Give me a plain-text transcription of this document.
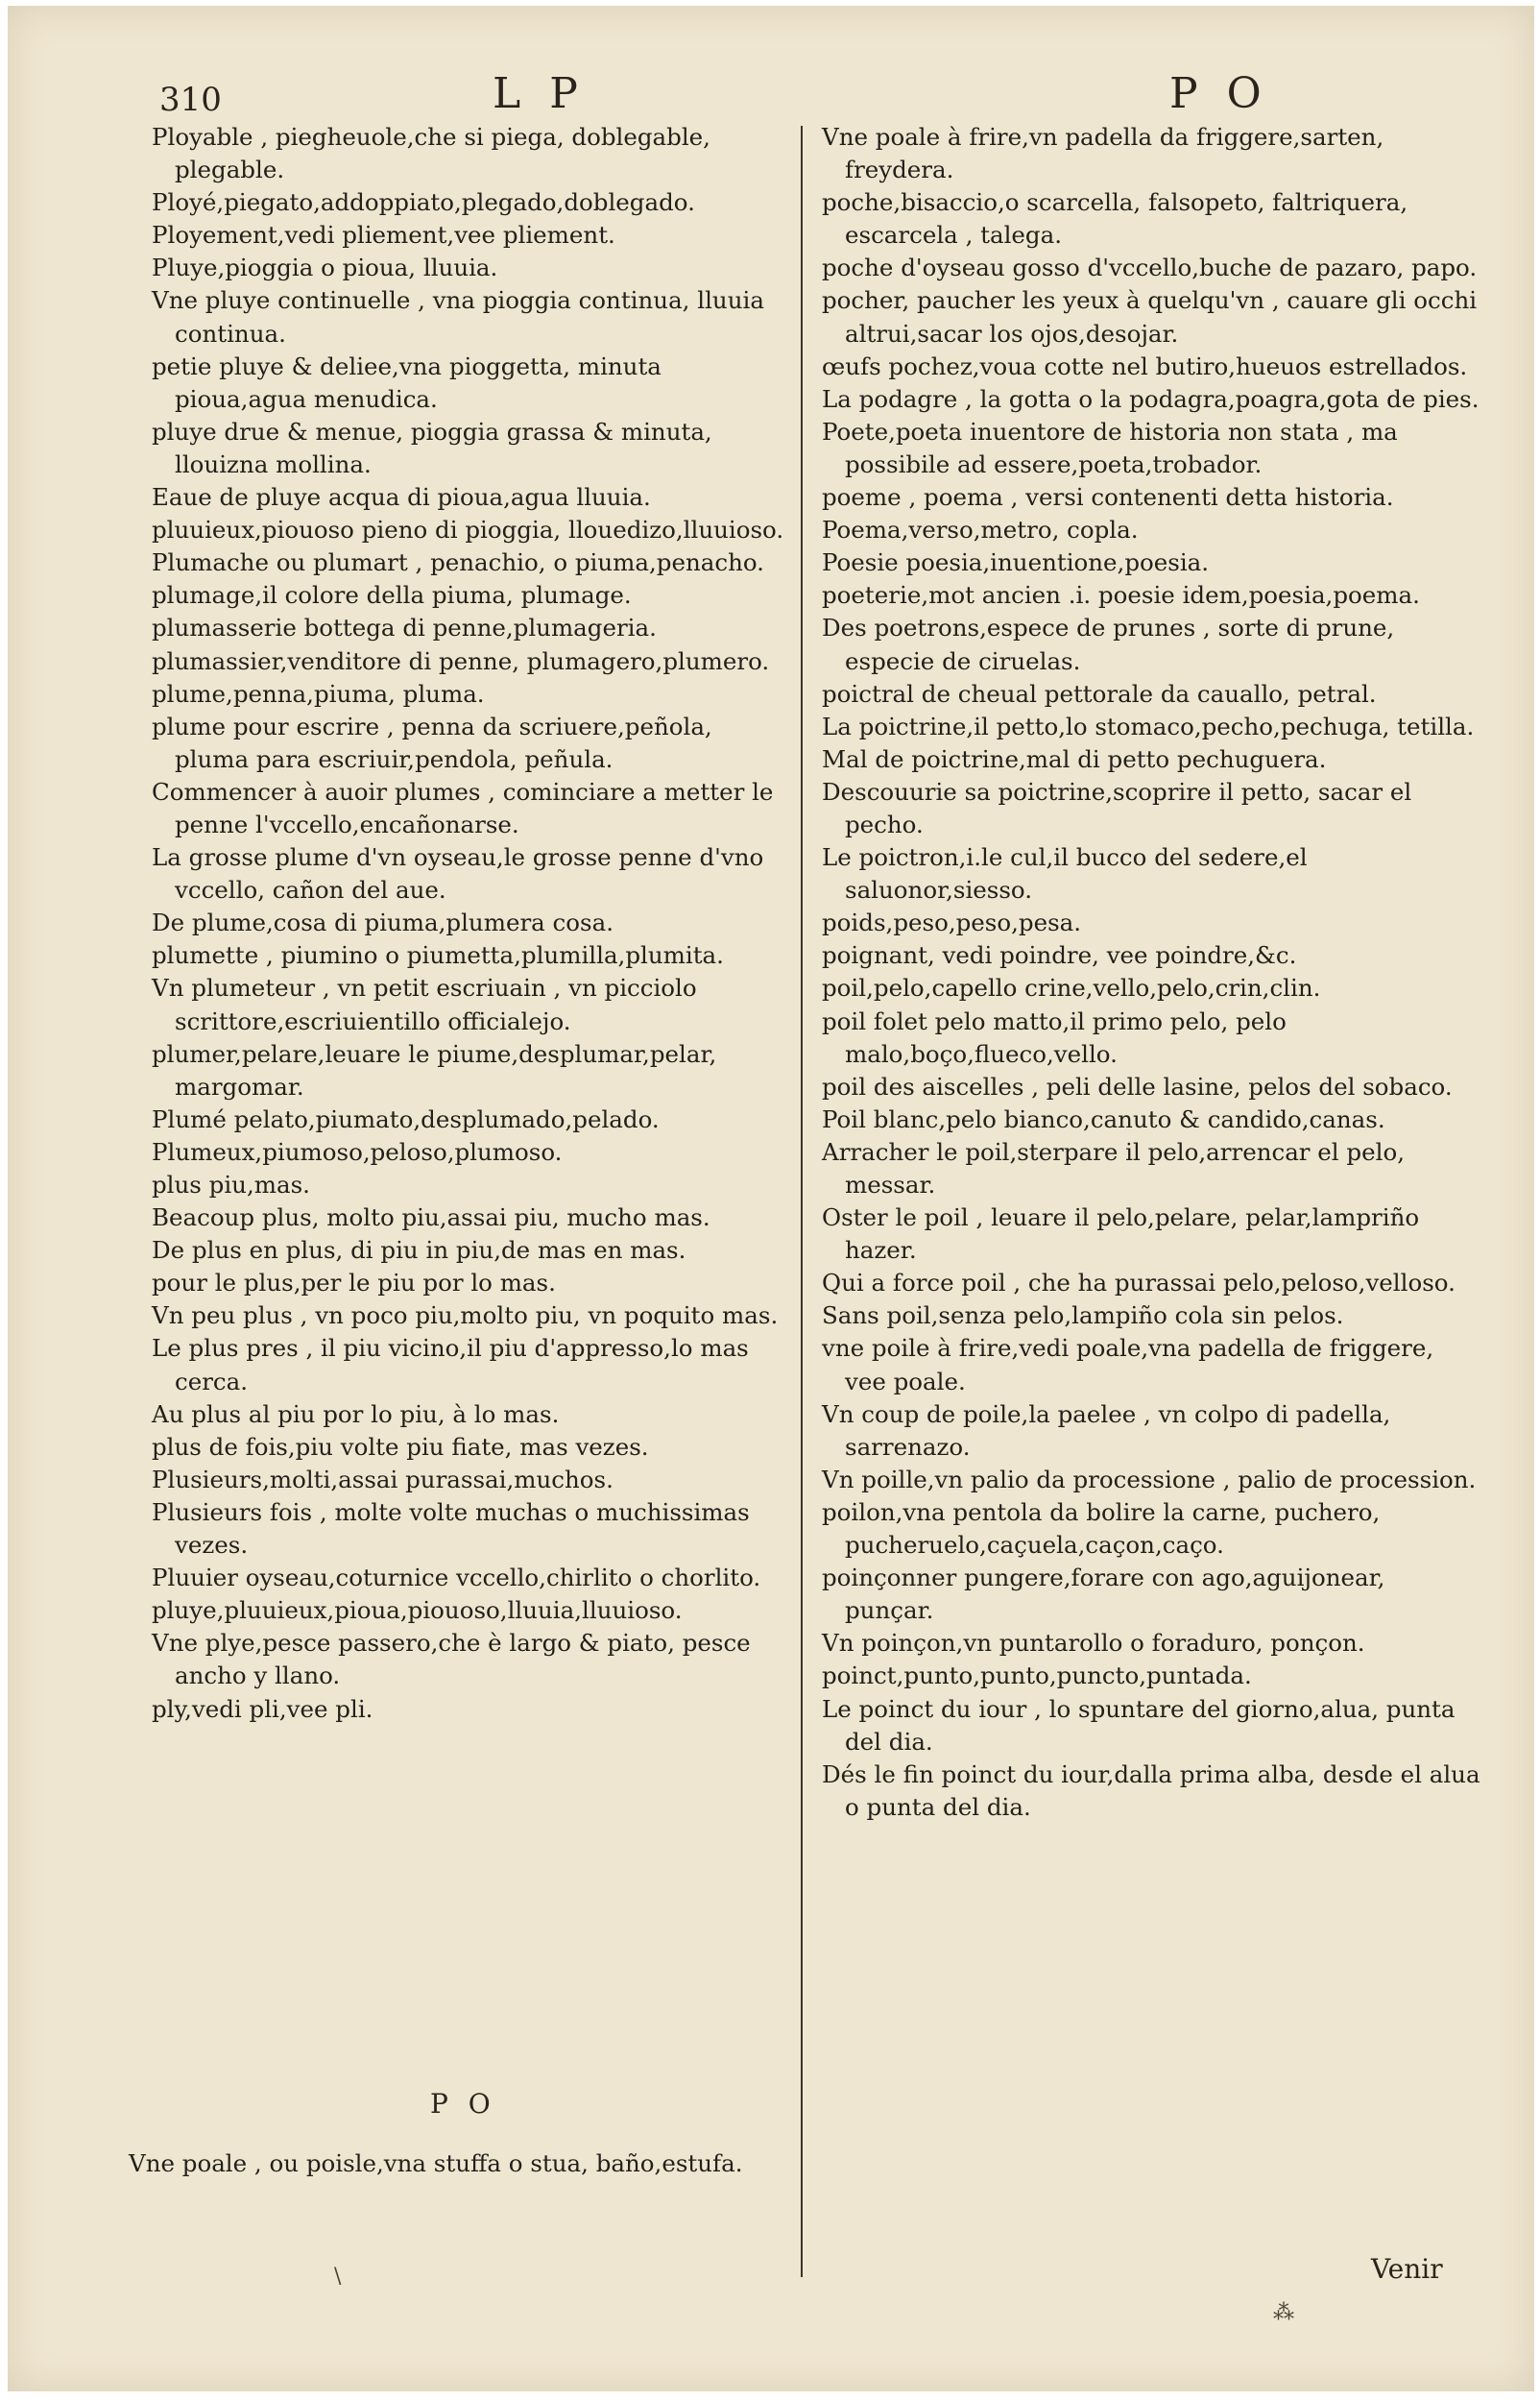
310	L P	P O

Ployable , pieghеuole,che si piega, doblegable, plegable.

Ployé,piegato,addoppiato,plegado,doblegado.

Ployement,vedi pliement,vee pliement.

Pluye,pioggia o pioua, lluuia.

Vne pluye continuelle , vna pioggia continua, lluuia continua.

petie pluye & deliee,vna pioggetta, minuta pioua,agua menudica.

pluye drue & menue, pioggia grassa & minuta, llouizna mollina.

Eaue de pluye acqua di pioua,agua lluuia.

pluuieux,piouoso pieno di pioggia, llouedizo,lluuioso.

Plumache ou plumart , penachio, o piuma,penacho.

plumage,il colore della piuma, plumage.

plumasserie bottega di penne,plumageria.

plumassier,venditore di penne, plumagero,plumero.

plume,penna,piuma, pluma.

plume pour escrire , penna da scriuere,peñola, pluma para escriuir,pendola, peñula.

Commencer à auoir plumes , cominciare a metter le penne l'vccello,encañonarse.

La grosse plume d'vn oyseau,le grosse penne d'vno vccello, cañon del aue.

De plume,cosa di piuma,plumera cosa.

plumette , piumino o piumetta,plumilla,plumita.

Vn plumeteur , vn petit escriuain , vn picciolo scrittore,escriuientillo officialejo.

plumer,pelare,leuare le piume,desplumar,pelar, margomar.

Plumé pelato,piumato,desplumado,pelado.

Plumeux,piumoso,peloso,plumoso.

plus piu,mas.

Beacoup plus, molto piu,assai piu, mucho mas.

De plus en plus, di piu in piu,de mas en mas.

pour le plus,per le piu por lo mas.

Vn peu plus , vn poco piu,molto piu, vn poquito mas.

Le plus pres , il piu vicino,il piu d'appresso,lo mas cerca.

Au plus al piu por lo piu, à lo mas.

plus de fois,piu volte piu fiate, mas vezes.

Plusieurs,molti,assai purassai,muchos.

Plusieurs fois , molte volte muchas o muchissimas vezes.

Pluuier oyseau,coturnice vccello,chirlito o chorlito.

pluye,pluuieux,pioua,piouoso,lluuia,lluuioso.

Vne plye,pesce passero,che è largo & piato, pesce ancho y llano.

ply,vedi pli,vee pli.

Vne poale à frire,vn padella da friggere,sarten, freydera.

poche,bisaccio,o scarcella, falsopeto, faltriquera, escarcela , talega.

poche d'oyseau gosso d'vccello,buche de pazaro, papo.

pocher, paucher les yeux à quelqu'vn , cauare gli occhi altrui,sacar los ojos,desojar.

œufs pochez,voua cotte nel butiro,hueuos estrellados.

La podagre , la gotta o la podagra,poagra,gota de pies.

Poete,poeta inuentore de historia non stata , ma possibile ad essere,poeta,trobador.

poeme , poema , versi contenenti detta historia.

Poema,verso,metro, copla.

Poesie poesia,inuentione,poesia.

poeterie,mot ancien .i. poesie idem,poesia,poema.

Des poetrons,espece de prunes , sorte di prune, especie de ciruelas.

poictral de cheual pettorale da cauallo, petral.

La poictrine,il petto,lo stomaco,pecho,pechuga, tetilla.

Mal de poictrine,mal di petto pechuguera.

Descouurie sa poictrine,scoprire il petto, sacar el pecho.

Le poictron,i.le cul,il bucco del sedere,el saluonor,siesso.

poids,peso,peso,pesa.

poignant, vedi poindre, vee poindre,&c.

poil,pelo,capello crine,vello,pelo,crin,clin.

poil folet pelo matto,il primo pelo, pelo malo,boço,flueco,vello.

poil des aiscelles , peli delle lasine, pelos del sobaco.

Poil blanc,pelo bianco,canuto & candido,canas.

Arracher le poil,sterpare il pelo,arrencar el pelo, messar.

Oster le poil , leuare il pelo,pelare, pelar,lampriño hazer.

Qui a force poil , che ha purassai pelo,peloso,velloso.

Sans poil,senza pelo,lampiño cola sin pelos.

vne poile à frire,vedi poale,vna padella de friggere, vee poale.

Vn coup de poile,la paelee , vn colpo di padella, sarrenazo.

Vn poille,vn palio da processione , palio de procession.

poilon,vna pentola da bolire la carne, puchero, pucheruelo,caçuela,caçon,caço.

poinçonner pungere,forare con ago,aguijonear, punçar.

Vn poinçon,vn puntarollo o foraduro, ponçon.

poinct,punto,punto,puncto,puntada.

Le poinct du iour , lo spuntare del giorno,alua, punta del dia.

Dés le fin poinct du iour,dalla prima alba, desde el alua o punta del dia.

P O

Vne poale , ou poisle,vna stuffa o stua, baño,estufa.

Venir
\
⁂
